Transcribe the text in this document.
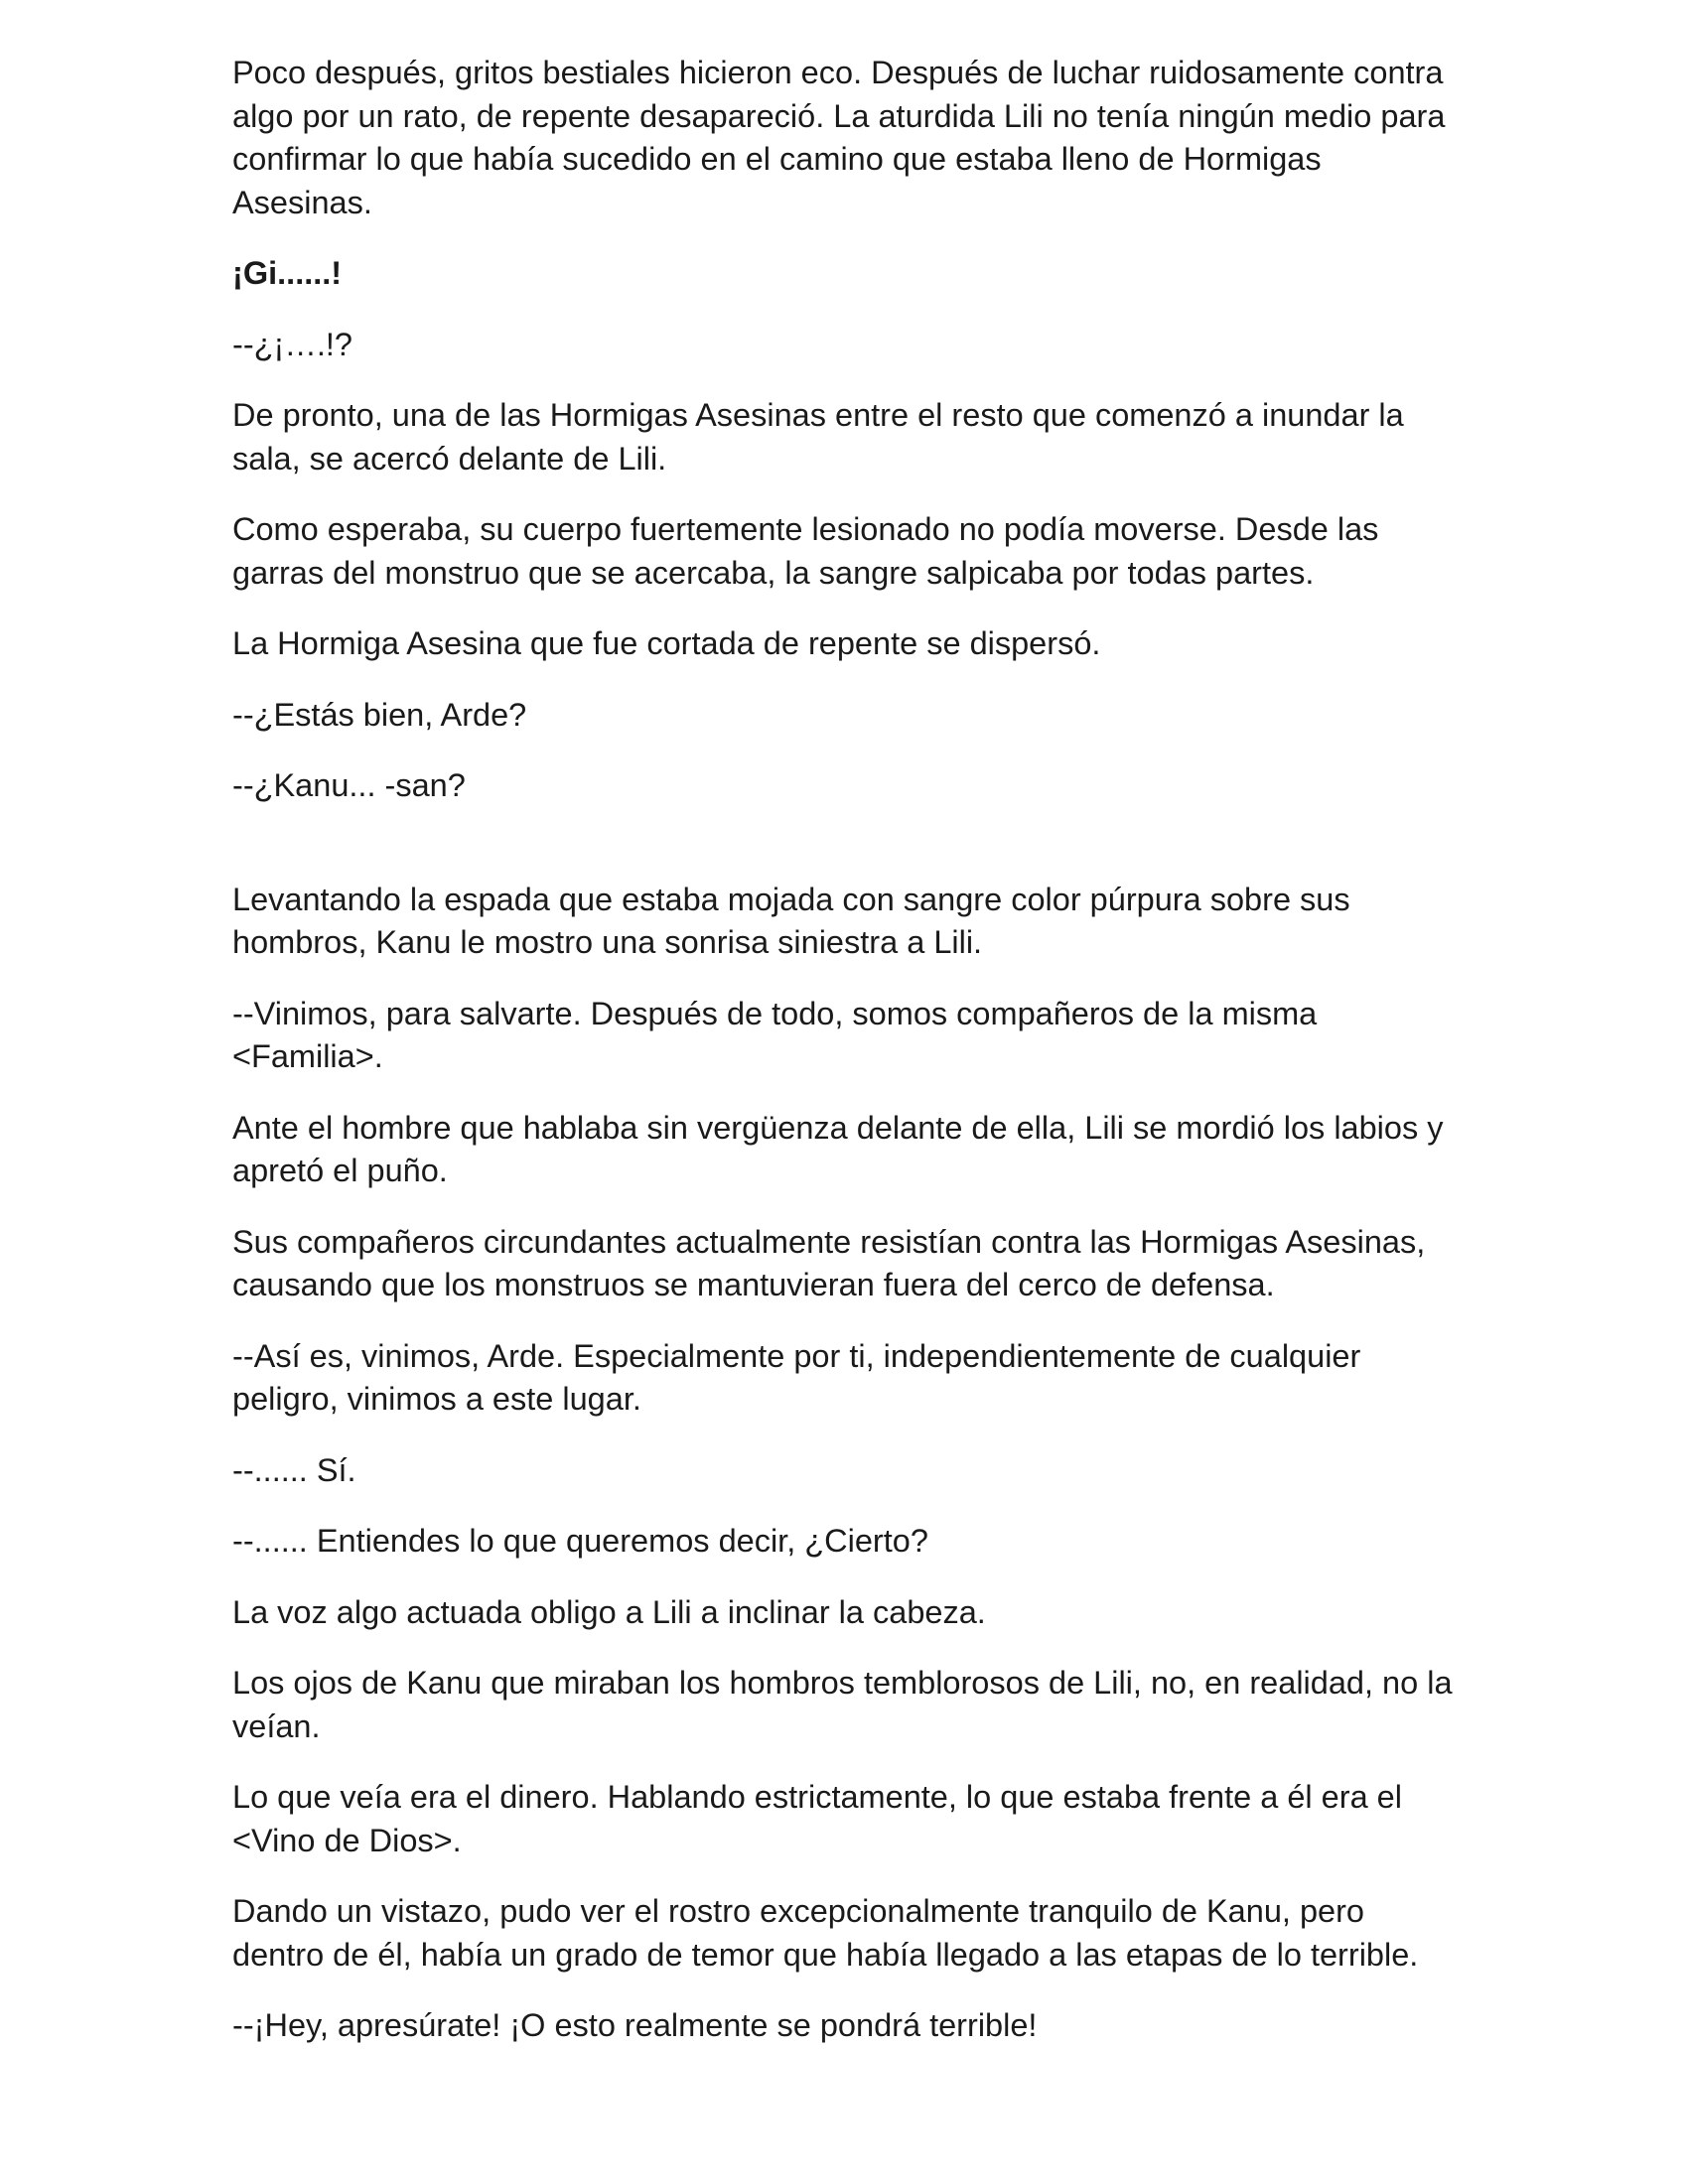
Poco después, gritos bestiales hicieron eco. Después de luchar ruidosamente contra algo por un rato, de repente desapareció. La aturdida Lili no tenía ningún medio para confirmar lo que había sucedido en el camino que estaba lleno de Hormigas Asesinas.

¡Gi......!

--¿¡….!?

De pronto, una de las Hormigas Asesinas entre el resto que comenzó a inundar la sala, se acercó delante de Lili.

Como esperaba, su cuerpo fuertemente lesionado no podía moverse. Desde las garras del monstruo que se acercaba, la sangre salpicaba por todas partes.

La Hormiga Asesina que fue cortada de repente se dispersó.

--¿Estás bien, Arde?

--¿Kanu... -san?

Levantando la espada que estaba mojada con sangre color púrpura sobre sus hombros, Kanu le mostro una sonrisa siniestra a Lili.

--Vinimos, para salvarte. Después de todo, somos compañeros de la misma <Familia>.

Ante el hombre que hablaba sin vergüenza delante de ella, Lili se mordió los labios y apretó el puño.

Sus compañeros circundantes actualmente resistían contra las Hormigas Asesinas, causando que los monstruos se mantuvieran fuera del cerco de defensa.

--Así es, vinimos, Arde. Especialmente por ti, independientemente de cualquier peligro, vinimos a este lugar.

--...... Sí.

--...... Entiendes lo que queremos decir, ¿Cierto?

La voz algo actuada obligo a Lili a inclinar la cabeza.

Los ojos de Kanu que miraban los hombros temblorosos de Lili, no, en realidad, no la veían.

Lo que veía era el dinero. Hablando estrictamente, lo que estaba frente a él era el <Vino de Dios>.

Dando un vistazo, pudo ver el rostro excepcionalmente tranquilo de Kanu, pero dentro de él, había un grado de temor que había llegado a las etapas de lo terrible.

--¡Hey, apresúrate! ¡O esto realmente se pondrá terrible!
